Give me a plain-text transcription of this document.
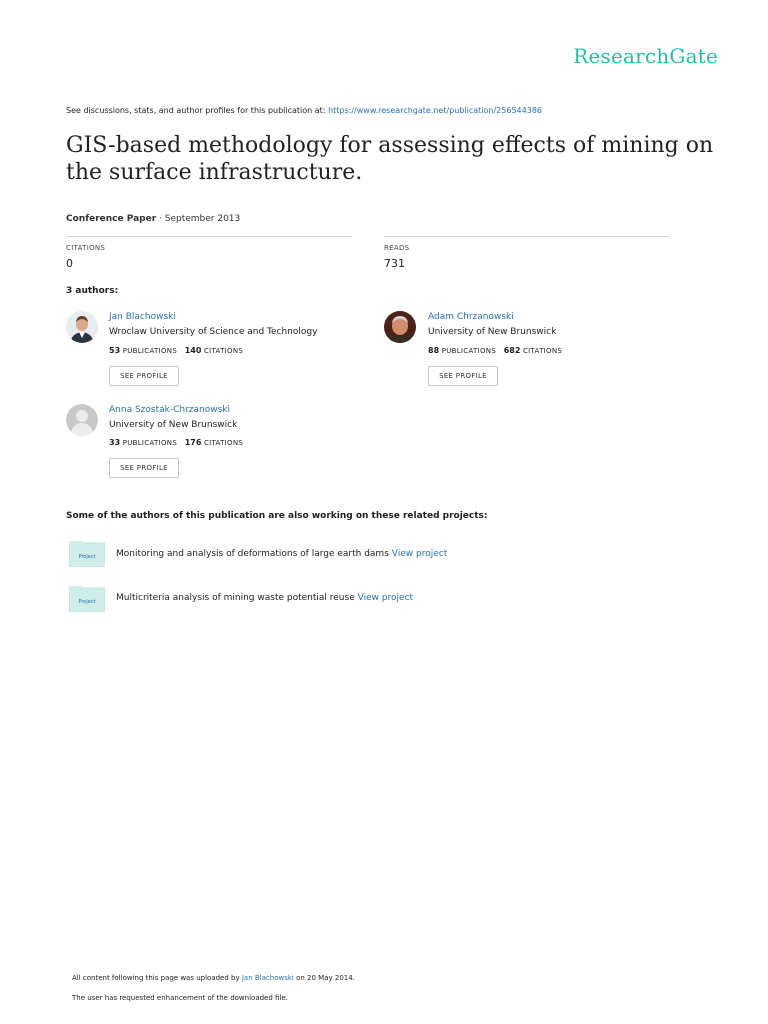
ResearchGate
See discussions, stats, and author profiles for this publication at: https://www.researchgate.net/publication/256544386
GIS-based methodology for assessing effects of mining on the surface infrastructure.
Conference Paper · September 2013
CITATIONS
0
READS
731
3 authors:
Jan Blachowski
Wroclaw University of Science and Technology
53 PUBLICATIONS 140 CITATIONS
SEE PROFILE
Adam Chrzanowski
University of New Brunswick
88 PUBLICATIONS 682 CITATIONS
SEE PROFILE
Anna Szostak-Chrzanowski
University of New Brunswick
33 PUBLICATIONS 176 CITATIONS
SEE PROFILE
Some of the authors of this publication are also working on these related projects:
Project Monitoring and analysis of deformations of large earth dams View project
Project Multicriteria analysis of mining waste potential reuse View project
All content following this page was uploaded by Jan Blachowski on 20 May 2014.
The user has requested enhancement of the downloaded file.
